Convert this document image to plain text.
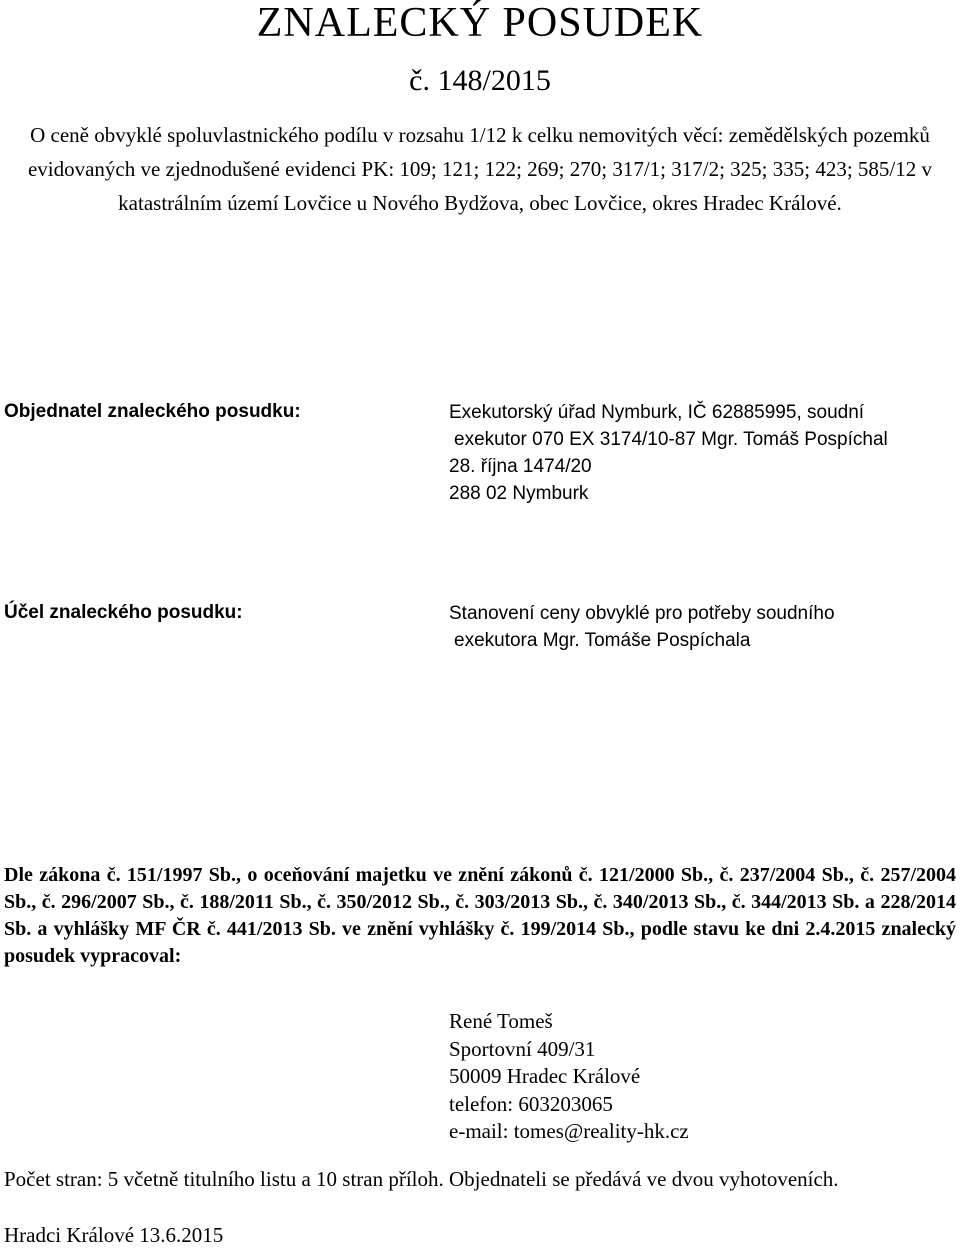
ZNALECKÝ POSUDEK
č. 148/2015
O ceně obvyklé spoluvlastnického podílu v rozsahu 1/12 k celku nemovitých věcí: zemědělských pozemků evidovaných ve zjednodušené evidenci PK: 109; 121; 122; 269; 270; 317/1; 317/2; 325; 335; 423; 585/12 v katastrálním území Lovčice u Nového Bydžova, obec Lovčice, okres Hradec Králové.
Objednatel znaleckého posudku:	Exekutorský úřad Nymburk, IČ 62885995, soudní
exekutor 070 EX 3174/10-87 Mgr. Tomáš Pospíchal
28. října 1474/20
288 02 Nymburk
Účel znaleckého posudku:	Stanovení ceny obvyklé pro potřeby soudního
exekutora Mgr. Tomáše Pospíchala
Dle zákona č. 151/1997 Sb., o oceňování majetku ve znění zákonů č. 121/2000 Sb., č. 237/2004 Sb., č. 257/2004 Sb., č. 296/2007 Sb., č. 188/2011 Sb., č. 350/2012 Sb., č. 303/2013 Sb., č. 340/2013 Sb., č. 344/2013 Sb. a 228/2014 Sb. a vyhlášky MF ČR č. 441/2013 Sb. ve znění vyhlášky č. 199/2014 Sb., podle stavu ke dni 2.4.2015 znalecký posudek vypracoval:
René Tomeš
Sportovní 409/31
50009 Hradec Králové
telefon: 603203065
e-mail: tomes@reality-hk.cz
Počet stran: 5 včetně titulního listu a 10 stran příloh. Objednateli se předává ve dvou vyhotoveních.
Hradci Králové 13.6.2015
